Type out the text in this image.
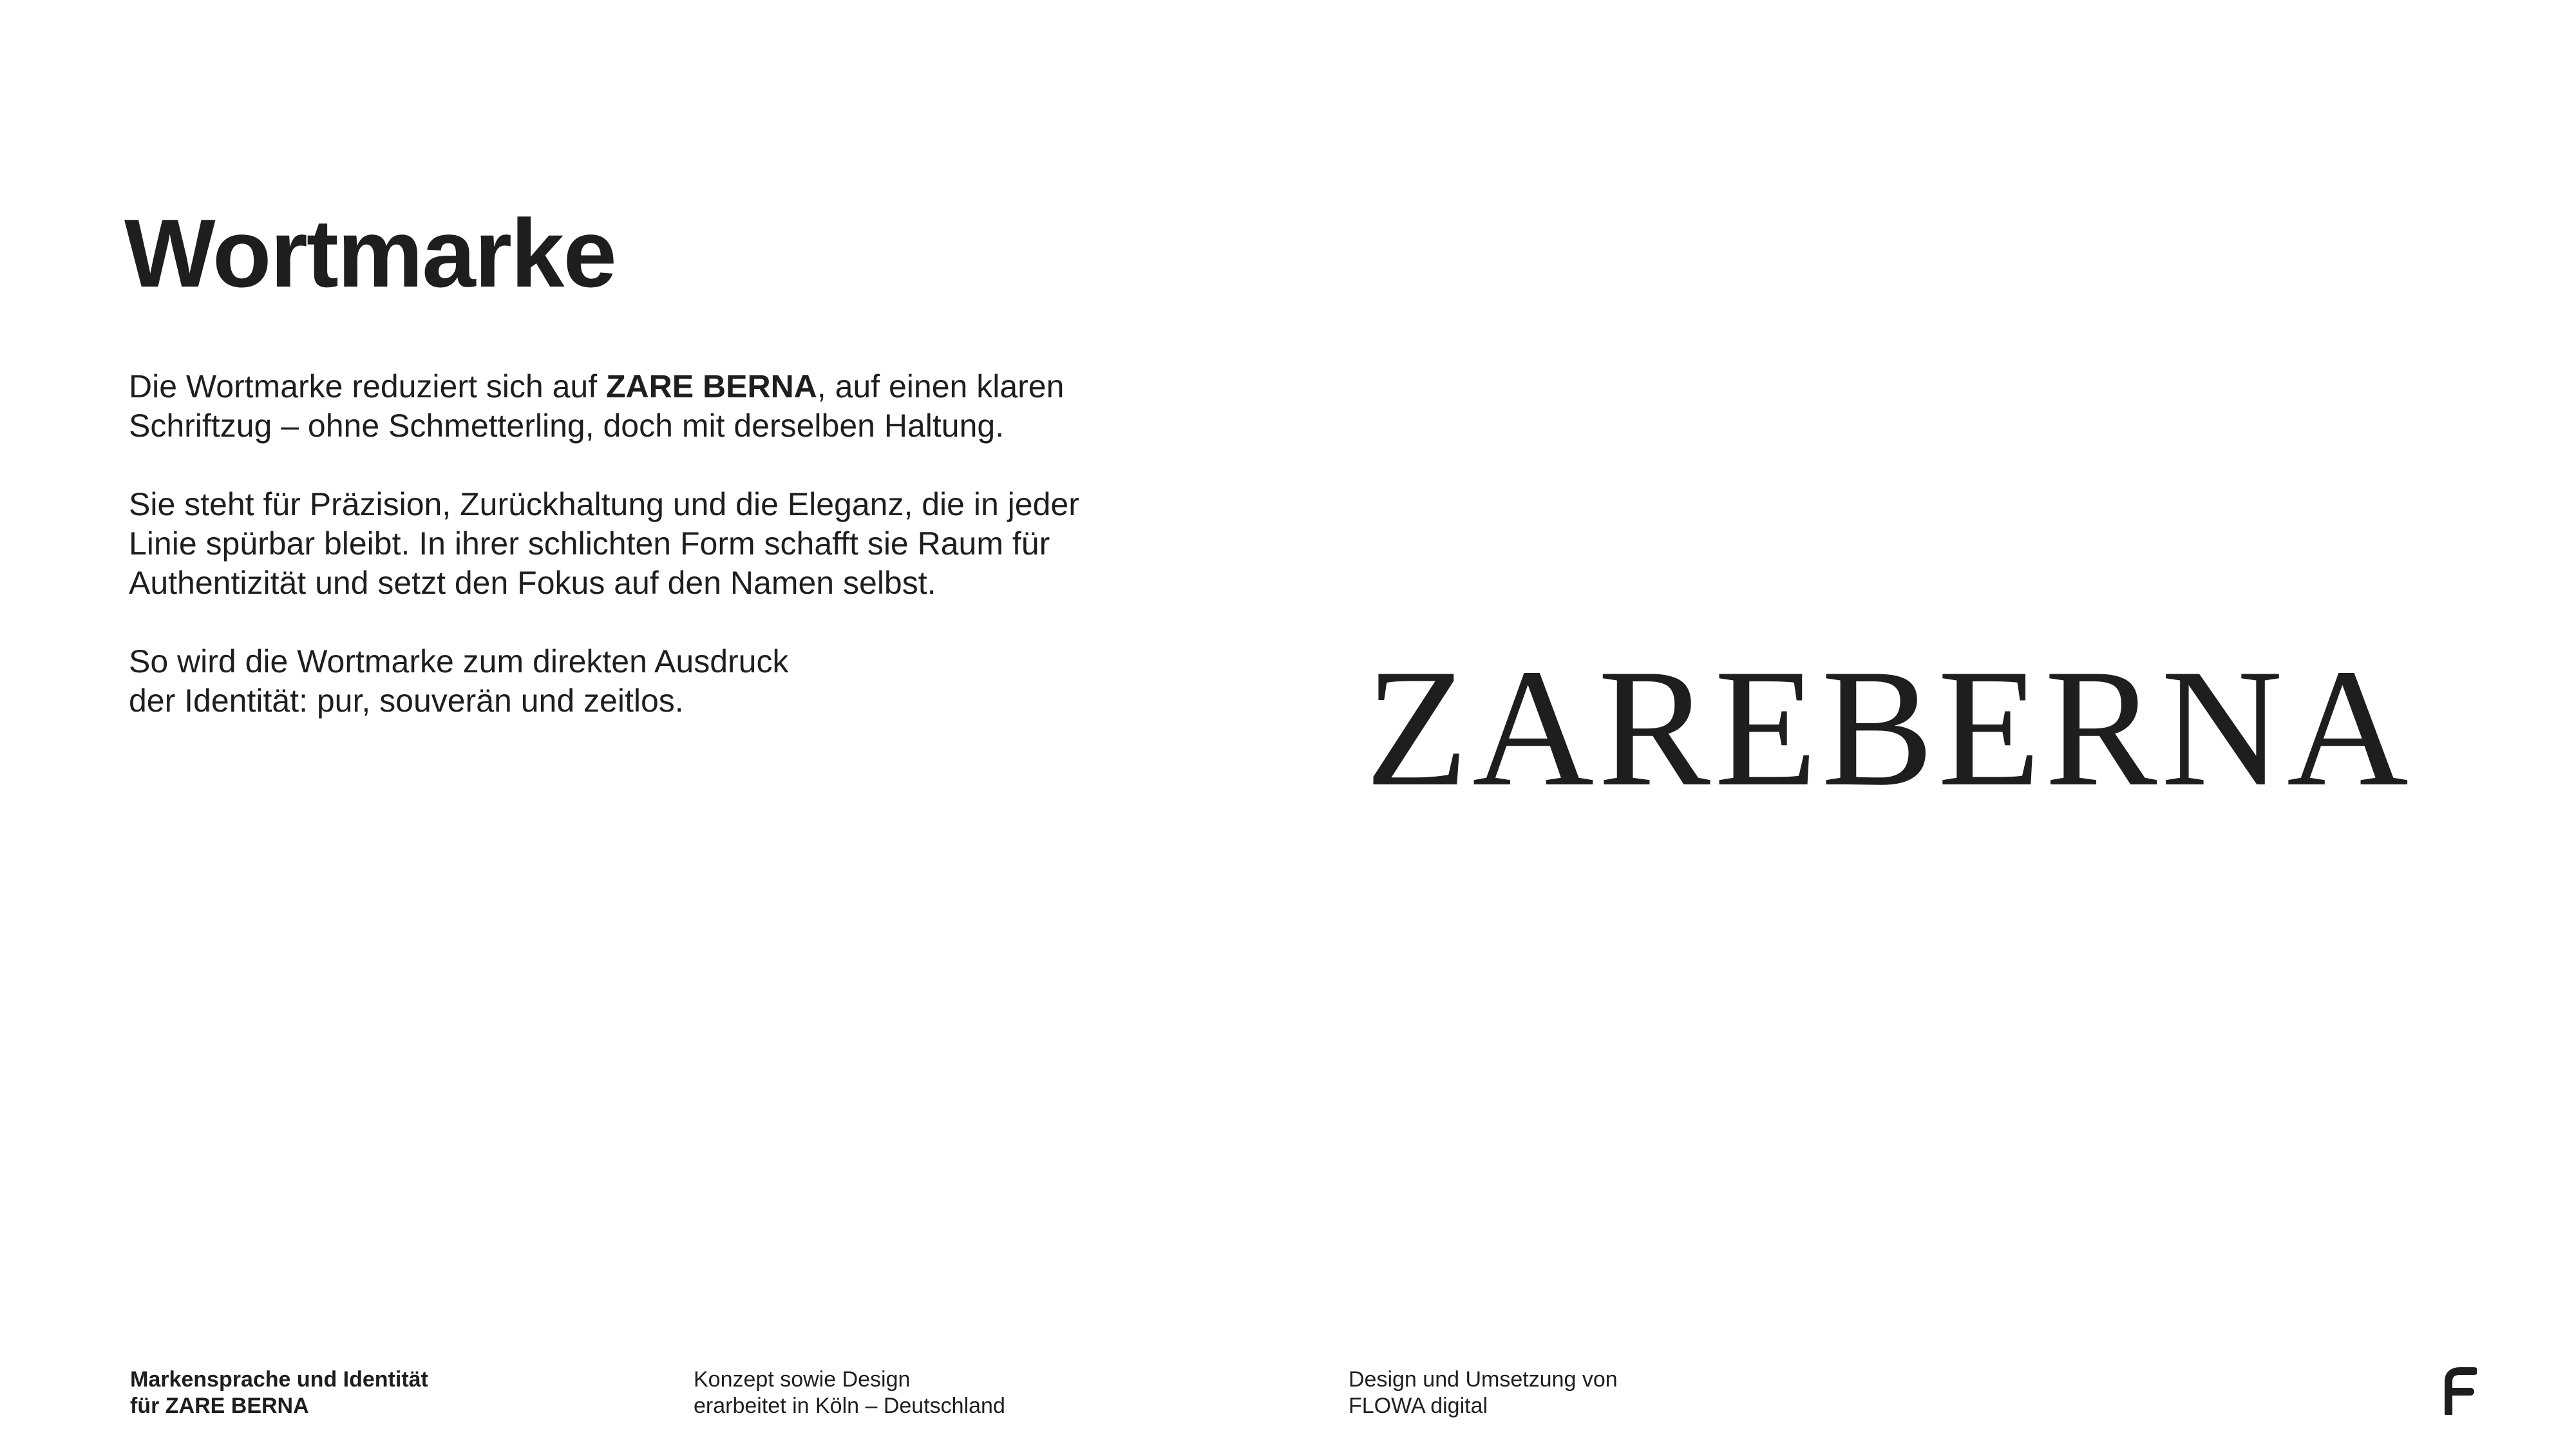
Wortmarke

Die Wortmarke reduziert sich auf ZARE BERNA, auf einen klaren Schriftzug – ohne Schmetterling, doch mit derselben Haltung.

Sie steht für Präzision, Zurückhaltung und die Eleganz, die in jeder Linie spürbar bleibt. In ihrer schlichten Form schafft sie Raum für Authentizität und setzt den Fokus auf den Namen selbst.

So wird die Wortmarke zum direkten Ausdruck
der Identität: pur, souverän und zeitlos.	ZARE BERNA
Markensprache und Identität
für ZARE BERNA
Konzept sowie Design
erarbeitet in Köln – Deutschland
Design und Umsetzung von
FLOWA digital
